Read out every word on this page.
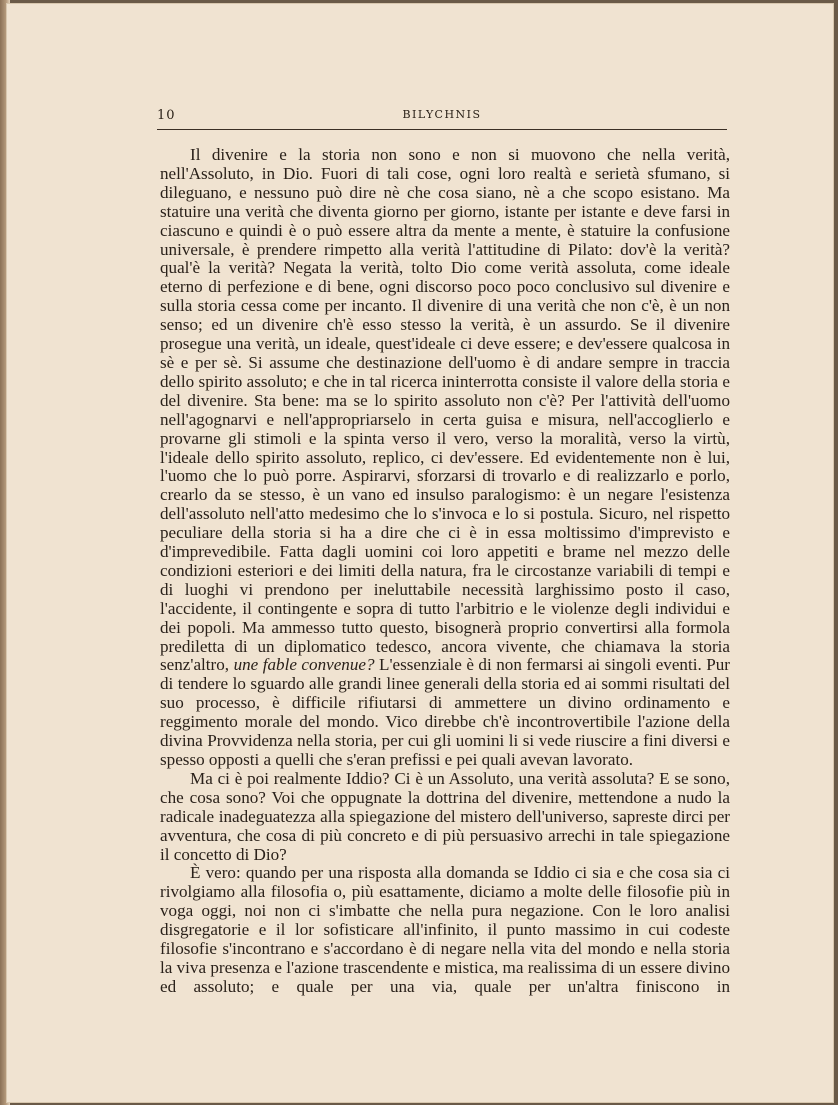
10	BILYCHNIS

Il divenire e la storia non sono e non si muovono che nella verità, nell'Assoluto, in Dio. Fuori di tali cose, ogni loro realtà e serietà sfumano, si dileguano, e nessuno può dire nè che cosa siano, nè a che scopo esistano. Ma statuire una verità che diventa giorno per giorno, istante per istante e deve farsi in ciascuno e quindi è o può essere altra da mente a mente, è statuire la confusione universale, è prendere rimpetto alla verità l'attitudine di Pilato: dov'è la verità? qual'è la verità? Negata la verità, tolto Dio come verità assoluta, come ideale eterno di perfezione e di bene, ogni discorso poco poco conclusivo sul divenire e sulla storia cessa come per incanto. Il divenire di una verità che non c'è, è un non senso; ed un divenire ch'è esso stesso la verità, è un assurdo. Se il divenire prosegue una verità, un ideale, quest'ideale ci deve essere; e dev'essere qualcosa in sè e per sè. Si assume che destinazione dell'uomo è di andare sempre in traccia dello spirito assoluto; e che in tal ricerca ininterrotta consiste il valore della storia e del divenire. Sta bene: ma se lo spirito assoluto non c'è? Per l'attività dell'uomo nell'agognarvi e nell'appropriarselo in certa guisa e misura, nell'accoglierlo e provarne gli stimoli e la spinta verso il vero, verso la moralità, verso la virtù, l'ideale dello spirito assoluto, replico, ci dev'essere. Ed evidentemente non è lui, l'uomo che lo può porre. Aspirarvi, sforzarsi di trovarlo e di realizzarlo e porlo, crearlo da se stesso, è un vano ed insulso paralogismo: è un negare l'esistenza dell'assoluto nell'atto medesimo che lo s'invoca e lo si postula. Sicuro, nel rispetto peculiare della storia si ha a dire che ci è in essa moltissimo d'imprevisto e d'imprevedibile. Fatta dagli uomini coi loro appetiti e brame nel mezzo delle condizioni esteriori e dei limiti della natura, fra le circostanze variabili di tempi e di luoghi vi prendono per ineluttabile necessità larghissimo posto il caso, l'accidente, il contingente e sopra di tutto l'arbitrio e le violenze degli individui e dei popoli. Ma ammesso tutto questo, bisognerà proprio convertirsi alla formola prediletta di un diplomatico tedesco, ancora vivente, che chiamava la storia senz'altro, une fable convenue? L'essenziale è di non fermarsi ai singoli eventi. Pur di tendere lo sguardo alle grandi linee generali della storia ed ai sommi risultati del suo processo, è difficile rifiutarsi di ammettere un divino ordinamento e reggimento morale del mondo. Vico direbbe ch'è incontrovertibile l'azione della divina Provvidenza nella storia, per cui gli uomini li si vede riuscire a fini diversi e spesso opposti a quelli che s'eran prefissi e pei quali avevan lavorato.

Ma ci è poi realmente Iddio? Ci è un Assoluto, una verità assoluta? E se sono, che cosa sono? Voi che oppugnate la dottrina del divenire, mettendone a nudo la radicale inadeguatezza alla spiegazione del mistero dell'universo, sapreste dirci per avventura, che cosa di più concreto e di più persuasivo arrechi in tale spiegazione il concetto di Dio?

È vero: quando per una risposta alla domanda se Iddio ci sia e che cosa sia ci rivolgiamo alla filosofia o, più esattamente, diciamo a molte delle filosofie più in voga oggi, noi non ci s'imbatte che nella pura negazione. Con le loro analisi disgregatorie e il lor sofisticare all'infinito, il punto massimo in cui codeste filosofie s'incontrano e s'accordano è di negare nella vita del mondo e nella storia la viva presenza e l'azione trascendente e mistica, ma realissima di un essere divino ed assoluto; e quale per una via, quale per un'altra finiscono in
